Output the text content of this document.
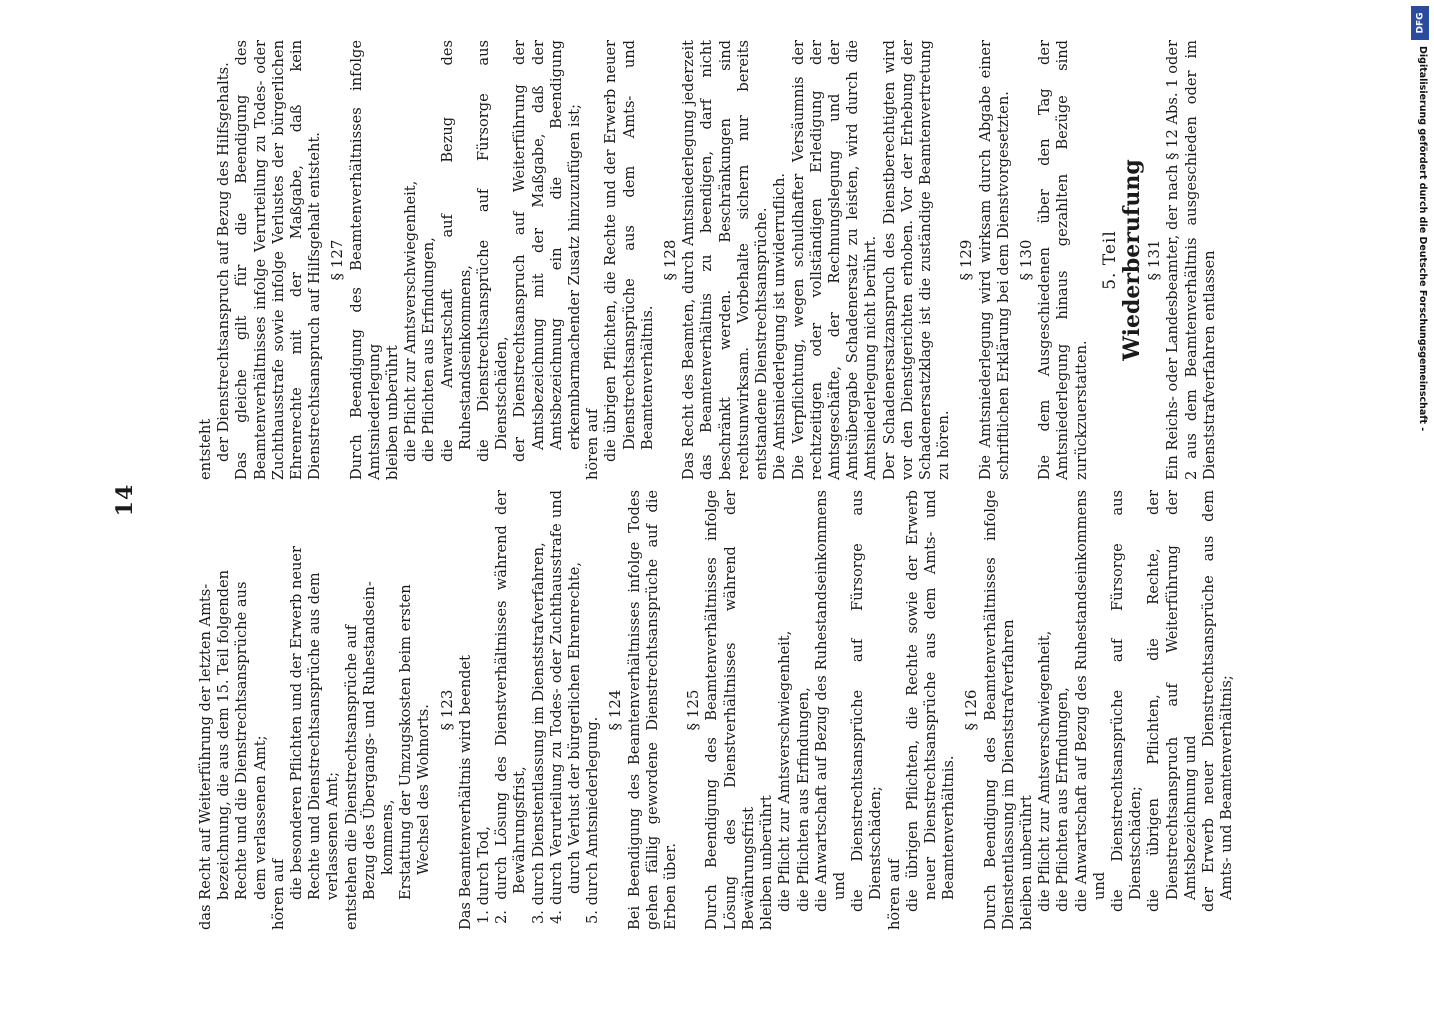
14

das Recht auf Weiterführung der letzten Amts- bezeichnung, die aus dem 15. Teil folgenden Rechte und die Dienstrechtsansprüche aus dem verlassenen Amt; hören auf die besonderen Pflichten und der Erwerb neuer Rechte und Dienstrechtsansprüche aus dem verlassenen Amt; entstehen die Dienstrechtsansprüche auf Bezug des Übergangs- und Ruhestandsein- kommens, Erstattung der Umzugskosten beim ersten Wechsel des Wohnorts. § 123 Das Beamtenverhältnis wird beendet 1. durch Tod, 2. durch Lösung des Dienstverhältnisses während der Bewährungsfrist, 3. durch Dienstentlassung im Dienststrafverfahren, 4. durch Verurteilung zu Todes- oder Zuchthausstrafe und durch Verlust der bürgerlichen Ehrenrechte, 5. durch Amtsniederlegung.

§ 124 Bei Beendigung des Beamtenverhältnisses infolge Todes gehen fällig gewordene Dienstrechtsansprüche auf die Erben über.

§ 125 Durch Beendigung des Beamtenverhältnisses infolge Lösung des Dienstverhältnisses während der Bewährungsfrist bleiben unberührt die Pflicht zur Amtsverschwiegenheit, die Pflichten aus Erfindungen, die Anwartschaft auf Bezug des Ruhestandseinkommens und die Dienstrechtsansprüche auf Fürsorge aus Dienstschäden; hören auf die übrigen Pflichten, die Rechte sowie der Erwerb neuer Dienstrechtsansprüche aus dem Amts- und Beamtenverhältnis.

§ 126 Durch Beendigung des Beamtenverhältnisses infolge Dienstentlassung im Dienststrafverfahren bleiben unberührt die Pflicht zur Amtsverschwiegenheit, die Pflichten aus Erfindungen, die Anwartschaft auf Bezug des Ruhestandseinkommens und die Dienstrechtsansprüche auf Fürsorge aus Dienstschäden; die übrigen Pflichten, die Rechte, der Dienstrechtsanspruch auf Weiterführung der Amtsbezeichnung und der Erwerb neuer Dienstrechtsansprüche aus dem Amts- und Beamtenverhältnis;

entsteht der Dienstrechtsanspruch auf Bezug des Hilfsgehalts. Das gleiche gilt für die Beendigung des Beamtenverhältnisses infolge Verurteilung zu Todes- oder Zuchthausstrafe sowie infolge Verlustes der bürgerlichen Ehrenrechte mit der Maßgabe, daß kein Dienstrechtsanspruch auf Hilfsgehalt entsteht. § 127 Durch Beendigung des Beamtenverhältnisses infolge Amtsniederlegung bleiben unberührt die Pflicht zur Amtsverschwiegenheit, die Pflichten aus Erfindungen, die Anwartschaft auf Bezug des Ruhestandseinkommens, die Dienstrechtsansprüche auf Fürsorge aus Dienstschäden, der Dienstrechtsanspruch auf Weiterführung der Amtsbezeichnung mit der Maßgabe, daß der Amtsbezeichnung ein die Beendigung erkennbarmachender Zusatz hinzuzufügen ist; hören auf die übrigen Pflichten, die Rechte und der Erwerb neuer Dienstrechtsansprüche aus dem Amts- und Beamtenverhältnis.

§ 128 Das Recht des Beamten, durch Amtsniederlegung jederzeit das Beamtenverhältnis zu beendigen, darf nicht beschränkt werden. Beschränkungen sind rechtsunwirksam. Vorbehalte sichern nur bereits entstandene Dienstrechtsansprüche. Die Amtsniederlegung ist unwiderruflich. Die Verpflichtung, wegen schuldhafter Versäumnis der rechtzeitigen oder vollständigen Erledigung der Amtsgeschäfte, der Rechnungslegung und der Amtsübergabe Schadenersatz zu leisten, wird durch die Amtsniederlegung nicht berührt. Der Schadenersatzanspruch des Dienstberechtigten wird vor den Dienstgerichten erhoben. Vor der Erhebung der Schadenersatzklage ist die zuständige Beamtenvertretung zu hören.

§ 129 Die Amtsniederlegung wird wirksam durch Abgabe einer schriftlichen Erklärung bei dem Dienstvorgesetzten. § 130 Die dem Ausgeschiedenen über den Tag der Amtsniederlegung hinaus gezahlten Bezüge sind zurückzuerstatten.

5. Teil Wiederberufung § 131 Ein Reichs- oder Landesbeamter, der nach § 12 Abs. 1 oder 2 aus dem Beamtenverhältnis ausgeschieden oder im Dienststrafverfahren entlassen

DFG
Digitalisierung gefördert durch die Deutsche Forschungsgemeinschaft -
